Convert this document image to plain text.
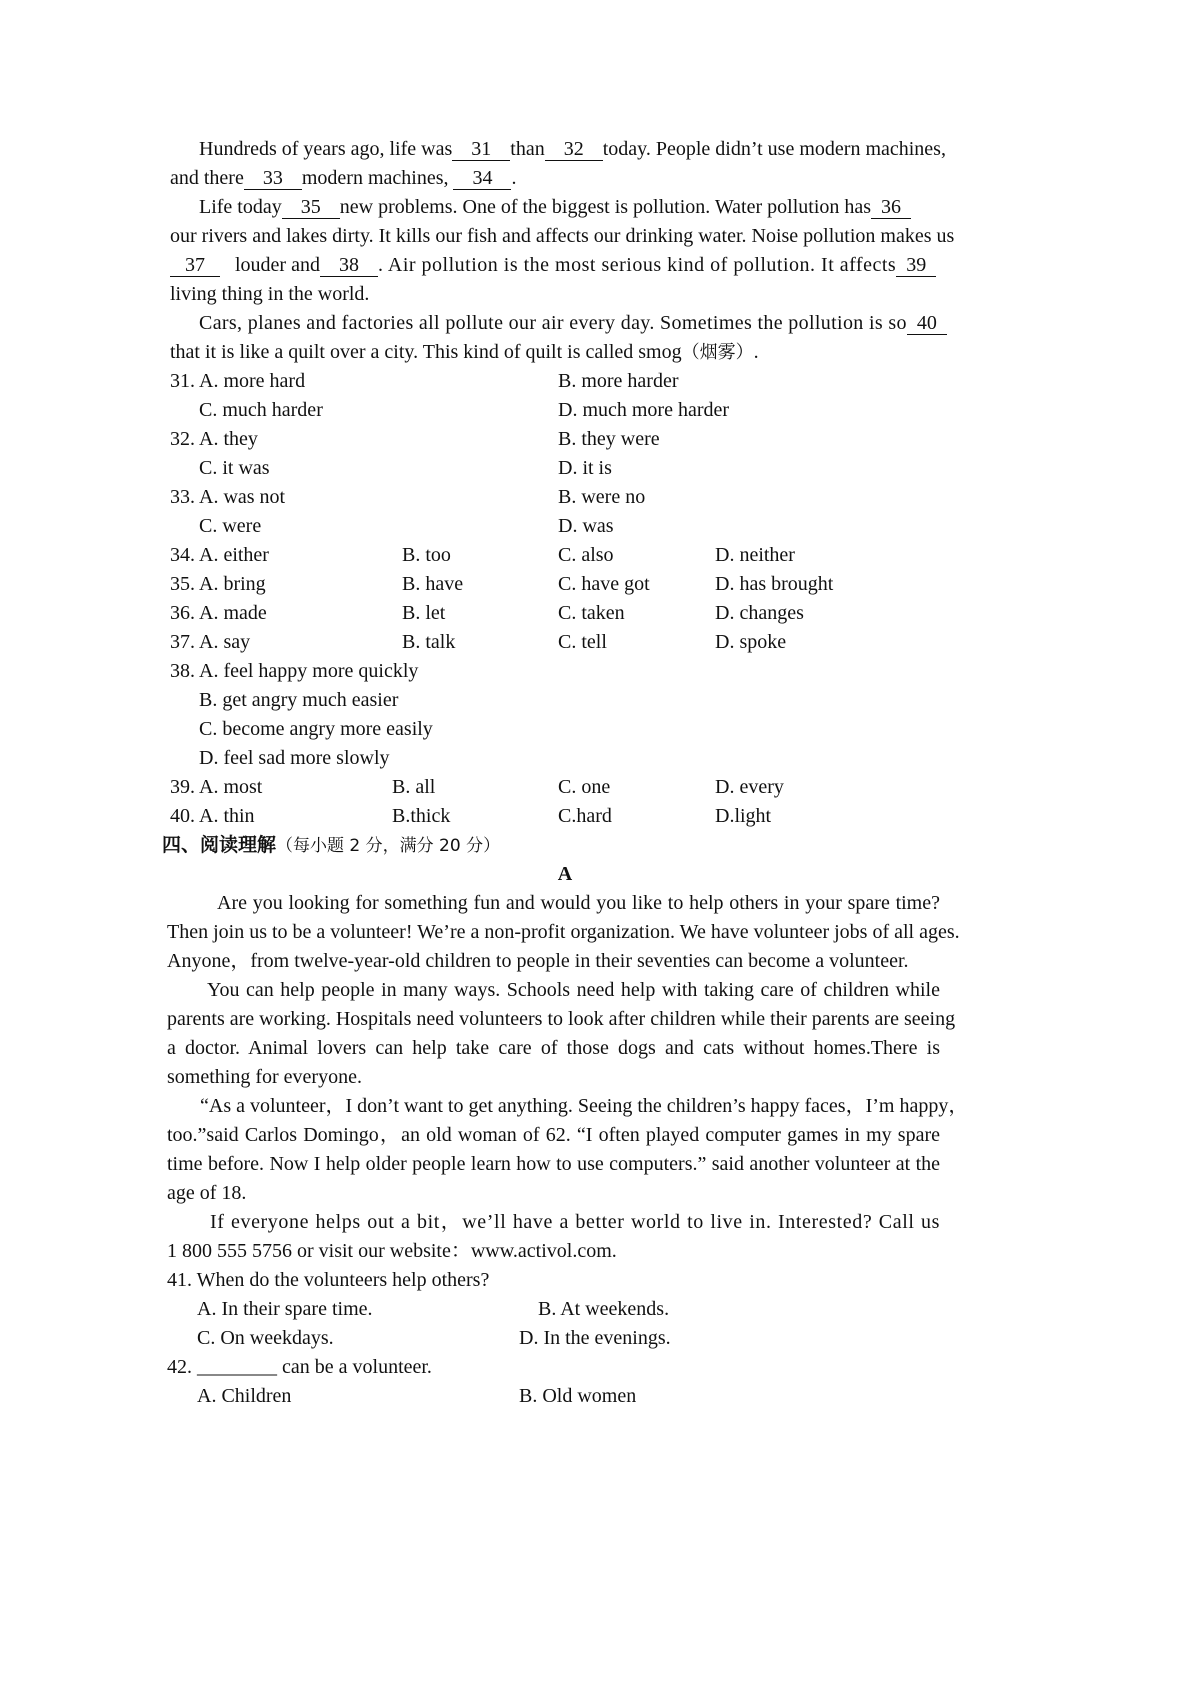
Hundreds of years ago, life was 31 than 32 today. People didn’t use modern machines,
and there 33 modern machines, 34 .
Life today 35 new problems. One of the biggest is pollution. Water pollution has 36
our rivers and lakes dirty. It kills our fish and affects our drinking water. Noise pollution makes us
37 louder and 38 . Air pollution is the most serious kind of pollution. It affects 39
living thing in the world.
Cars, planes and factories all pollute our air every day. Sometimes the pollution is so 40
that it is like a quilt over a city. This kind of quilt is called smog（烟雾）.
31. A. more hard	B. more harder
C. much harder	D. much more harder
32. A. they	B. they were
C. it was	D. it is
33. A. was not	B. were no
C. were	D. was
34. A. either	B. too	C. also	D. neither
35. A. bring	B. have	C. have got	D. has brought
36. A. made	B. let	C. taken	D. changes
37. A. say	B. talk	C. tell	D. spoke
38. A. feel happy more quickly
B. get angry much easier
C. become angry more easily
D. feel sad more slowly
39. A. most	B. all	C. one	D. every
40. A. thin	B.thick	C.hard	D.light
四、阅读理解（每小题 2 分，满分 20 分）
A
Are you looking for something fun and would you like to help others in your spare time?
Then join us to be a volunteer! We’re a non-profit organization. We have volunteer jobs of all ages.
Anyone，from twelve-year-old children to people in their seventies can become a volunteer.
You can help people in many ways. Schools need help with taking care of children while
parents are working. Hospitals need volunteers to look after children while their parents are seeing
a doctor. Animal lovers can help take care of those dogs and cats without homes.There is
something for everyone.
“As a volunteer，I don’t want to get anything. Seeing the children’s happy faces，I’m happy，
too.”said Carlos Domingo，an old woman of 62. “I often played computer games in my spare
time before. Now I help older people learn how to use computers.” said another volunteer at the
age of 18.
If everyone helps out a bit，we’ll have a better world to live in. Interested? Call us
1 800 555 5756 or visit our website：www.activol.com.
41. When do the volunteers help others?
A. In their spare time.	B. At weekends.
C. On weekdays.	D. In the evenings.
42. ________ can be a volunteer.
A. Children	B. Old women
